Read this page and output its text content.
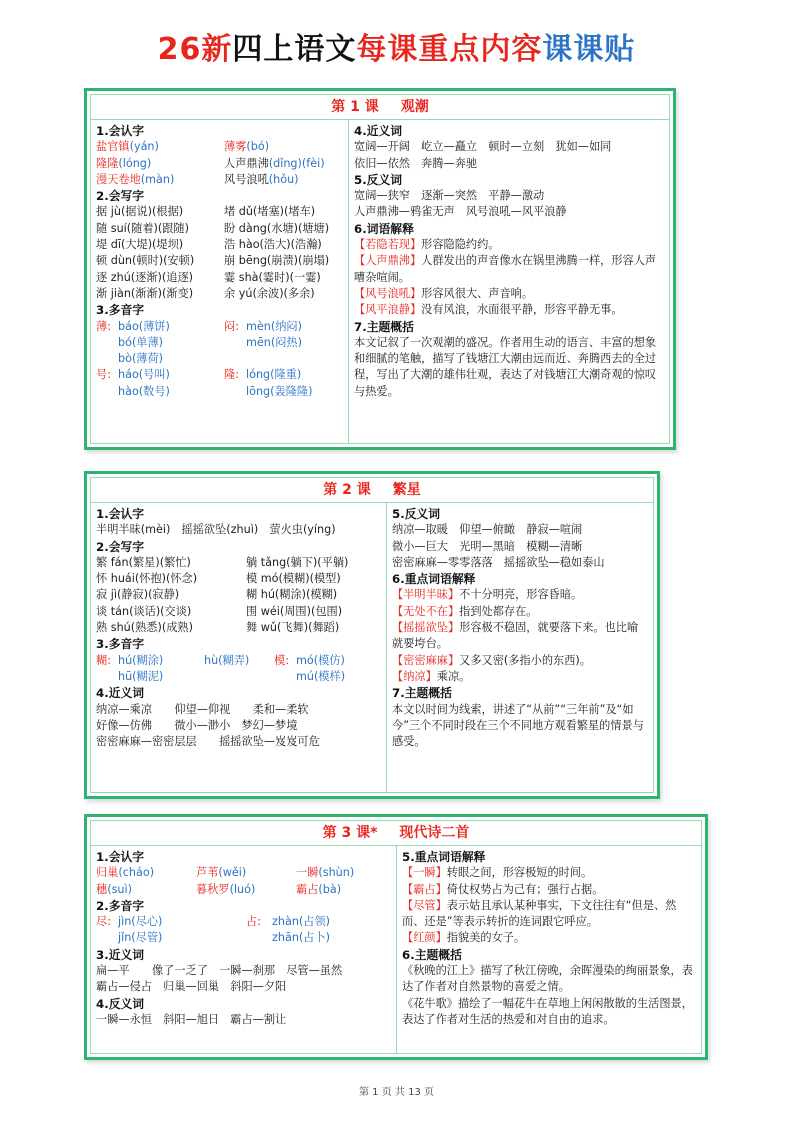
26新四上语文每课重点内容课课贴
第 1 课 观潮
1.会认字
盐官镇(yán)	薄雾(bó)
隆隆(lóng)	人声鼎沸(dǐng)(fèi)
漫天卷地(màn)	风号浪吼(hǒu)
2.会写字
据 jù(据说)(根据)	堵 dǔ(堵塞)(堵车)
随 suí(随着)(跟随)	盼 dàng(水塘)(塘塘)
堤 dī(大堤)(堤坝)	浩 hào(浩大)(浩瀚)
顿 dùn(顿时)(安顿)	崩 bēng(崩溃)(崩塌)
逐 zhú(逐渐)(追逐)	霎 shà(霎时)(一霎)
渐 jiàn(渐渐)(渐变)	余 yú(余波)(多余)
3.多音字
薄: báo(薄饼)	闷: mèn(纳闷)
bó(单薄)	mēn(闷热)
bò(薄荷)
号: háo(号叫)	隆: lóng(隆重)
hào(数号)	lōng(轰隆隆)
4.近义词
宽阔—开阔　屹立—矗立　顿时—立刻　犹如—如同
依旧—依然　奔腾—奔驰
5.反义词
宽阔—狭窄　逐渐—突然　平静—激动
人声鼎沸—鸦雀无声　风号浪吼—风平浪静
6.词语解释
【若隐若现】形容隐隐约约。
【人声鼎沸】人群发出的声音像水在锅里沸腾一样，形容人声嘈杂喧闹。
【风号浪吼】形容风很大、声音响。
【风平浪静】没有风浪，水面很平静，形容平静无事。
7.主题概括
本文记叙了一次观潮的盛况。作者用生动的语言、丰富的想象和细腻的笔触，描写了钱塘江大潮由远而近、奔腾西去的全过程，写出了大潮的雄伟壮观，表达了对钱塘江大潮奇观的惊叹与热爱。
第 2 课 繁星
1.会认字
半明半昧(mèi)　摇摇欲坠(zhuì)　萤火虫(yíng)
2.会写字
繁 fán(繁星)(繁忙)	躺 tǎng(躺下)(平躺)
怀 huái(怀抱)(怀念)	模 mó(模糊)(模型)
寂 jì(静寂)(寂静)	糊 hú(糊涂)(模糊)
谈 tán(谈话)(交谈)	围 wéi(周围)(包围)
熟 shú(熟悉)(成熟)	舞 wǔ(飞舞)(舞蹈)
3.多音字
糊: hú(糊涂)	hù(糊弄) 模: mó(模仿)
hū(糊泥)	mú(模样)
4.近义词
纳凉—乘凉　　仰望—仰视　　柔和—柔软
好像—仿佛　　微小—渺小　梦幻—梦境
密密麻麻—密密层层　　摇摇欲坠—岌岌可危
5.反义词
纳凉—取暖　仰望—俯瞰　静寂—喧闹
微小—巨大　光明—黑暗　模糊—清晰
密密麻麻—零零落落　摇摇欲坠—稳如泰山
6.重点词语解释
【半明半昧】不十分明亮，形容昏暗。
【无处不在】指到处都存在。
【摇摇欲坠】形容极不稳固，就要落下来。也比喻就要垮台。
【密密麻麻】又多又密(多指小的东西)。
【纳凉】乘凉。
7.主题概括
本文以时间为线索，讲述了“从前”“三年前”及“如今”三个不同时段在三个不同地方观看繁星的情景与感受。
第 3 课* 现代诗二首
1.会认字
归巢(cháo)	芦苇(wěi)	一瞬(shùn)
穗(suì)	暮秋罗(luó)	霸占(bà)
2.多音字
尽: jìn(尽心)	占: zhàn(占领)
jǐn(尽管)	zhān(占卜)
3.近义词
扁—平　　像了一乏了　一瞬—刹那　尽管—虽然
霸占—侵占　归巢—回巢　斜阳—夕阳
4.反义词
一瞬—永恒　斜阳—旭日　霸占—割让
5.重点词语解释
【一瞬】转眼之间，形容极短的时间。
【霸占】倚仗权势占为己有；强行占据。
【尽管】表示姑且承认某种事实，下文往往有“但是、然而、还是”等表示转折的连词跟它呼应。
【红颜】指貌美的女子。
6.主题概括
《秋晚的江上》描写了秋江傍晚，余晖漫染的绚丽景象，表达了作者对自然景物的喜爱之情。
《花牛歌》描绘了一幅花牛在草地上闲闲散散的生活图景，表达了作者对生活的热爱和对自由的追求。
第 1 页 共 13 页
